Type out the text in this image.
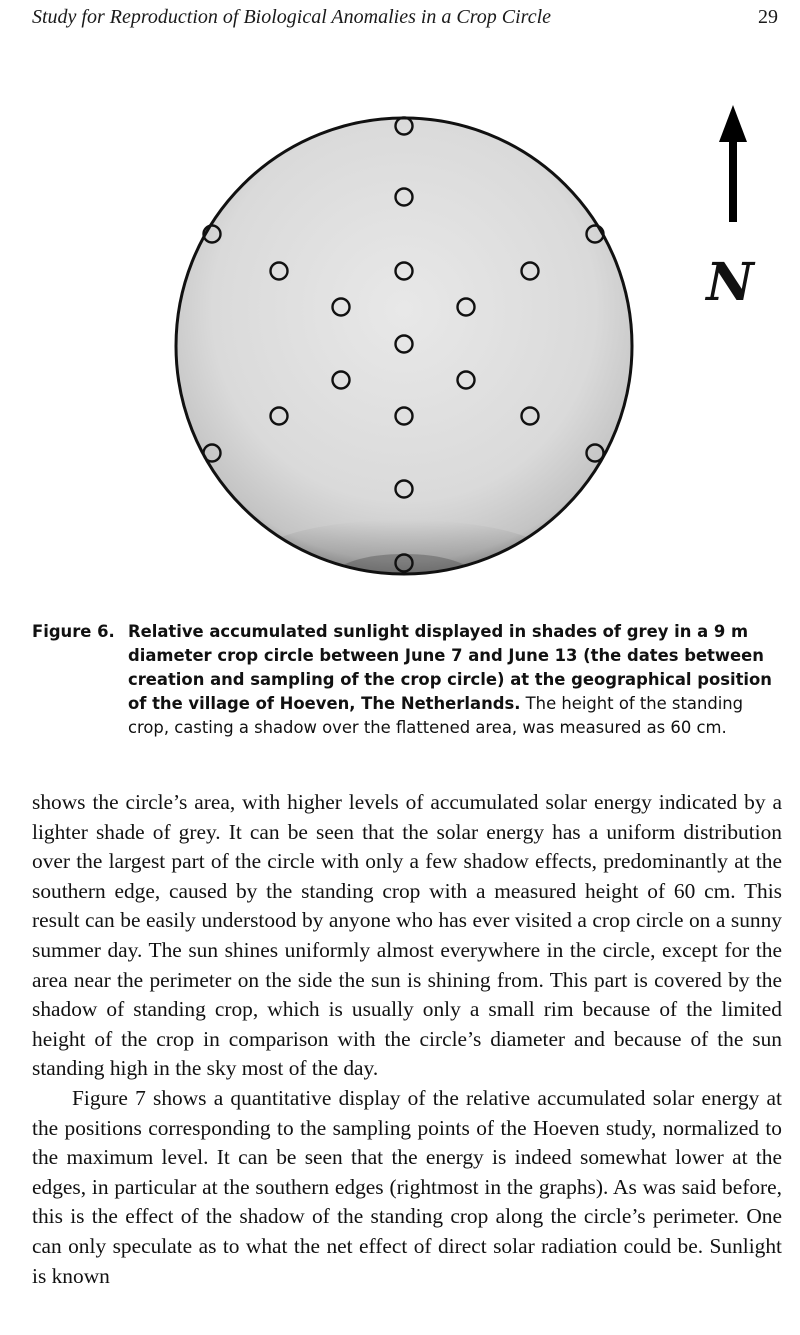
Study for Reproduction of Biological Anomalies in a Crop Circle	29
N
Figure 6. Relative accumulated sunlight displayed in shades of grey in a 9 m diameter crop circle between June 7 and June 13 (the dates between creation and sampling of the crop circle) at the geographical position of the village of Hoeven, The Netherlands. The height of the standing crop, casting a shadow over the flattened area, was measured as 60 cm.

shows the circle’s area, with higher levels of accumulated solar energy indicated by a lighter shade of grey. It can be seen that the solar energy has a uniform distribution over the largest part of the circle with only a few shadow effects, predominantly at the southern edge, caused by the standing crop with a measured height of 60 cm. This result can be easily understood by anyone who has ever visited a crop circle on a sunny summer day. The sun shines uniformly almost everywhere in the circle, except for the area near the perimeter on the side the sun is shining from. This part is covered by the shadow of standing crop, which is usually only a small rim because of the limited height of the crop in comparison with the circle’s diameter and because of the sun standing high in the sky most of the day.

Figure 7 shows a quantitative display of the relative accumulated solar energy at the positions corresponding to the sampling points of the Hoeven study, normalized to the maximum level. It can be seen that the energy is indeed somewhat lower at the edges, in particular at the southern edges (rightmost in the graphs). As was said before, this is the effect of the shadow of the standing crop along the circle’s perimeter. One can only speculate as to what the net effect of direct solar radiation could be. Sunlight is known
